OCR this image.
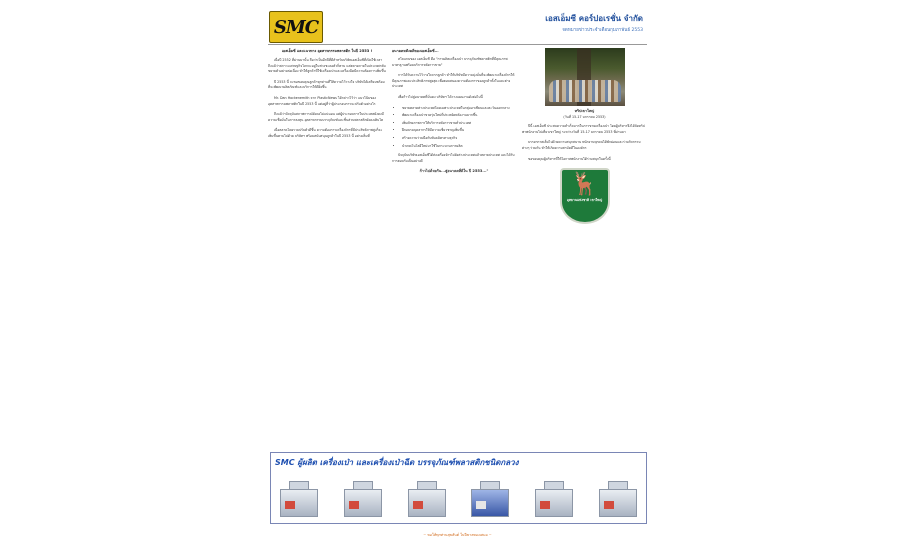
SMC	เอสเอ็มซี คอร์ปอเรชั่น จำกัด
จดหมายข่าวประจำเดือนกุมภาพันธ์ 2553
เอสเอ็มซี และแนวทาง อุตสาหกรรมพลาสติก ในปี 2553 !

เมื่อปี 2552 ที่ผ่านมานั้น ถือว่าเป็นอีกปีที่ดีสำหรับบริษัทเอสเอ็มซีที่เปิดใช้เวลา ถึงแม้ว่าสภาวะเศรษฐกิจโลกจะอยู่ในช่วงชะลอตัวก็ตาม แต่ตลาดภายในประเทศกลับขยายตัวอย่างต่อเนื่อง ทำให้ลูกค้าที่ใช้เครื่องเป่าและเครื่องฉีดมีความต้องการเพิ่มขึ้น

ปี 2553 นี้ จะขอขอบคุณลูกค้าทุกท่านที่ให้ความไว้วางใจ บริษัทได้เตรียมพร้อมที่จะพัฒนาผลิตภัณฑ์และบริการให้ดียิ่งขึ้น

Mr. Dan Hockenemith จาก PlasticNews ได้กล่าวไว้ว่า แนวโน้มของอุตสาหกรรมพลาสติกในปี 2553 นี้ แต่อยู่ที่ว่าผู้ประกอบการจะปรับตัวอย่างไร

ถึงแม้ว่าปัจจุบันสภาพการณ์ยังคงไม่แน่นอน แต่ผู้ประกอบการในประเทศยังคงมีความเชื่อมั่นในการลงทุน อุตสาหกรรมบรรจุภัณฑ์และชิ้นส่วนพลาสติกยังคงเติบโต

เมื่อตลาดโดยรวมปรับตัวดีขึ้น ความต้องการเครื่องจักรที่มีประสิทธิภาพสูงก็จะเพิ่มขึ้นตามไปด้วย บริษัทฯ พร้อมสนับสนุนลูกค้าในปี 2553 นี้ อย่างเต็มที่

อนาคตหลังคดีของเอสเอ็มซี...

สโลแกนของ เอสเอ็มซี คือ "การผลิตเครื่องเป่า บรรจุภัณฑ์พลาสติกที่มีคุณภาพมาตรฐานพร้อมบริการหลังการขาย"

การได้รับความไว้วางใจจากลูกค้า ทำให้บริษัทมีความมุ่งมั่นที่จะพัฒนาเครื่องจักรให้มีคุณภาพและประสิทธิภาพสูงสุด เพื่อตอบสนองความต้องการของลูกค้าทั้งในและต่างประเทศ

เพื่อก้าวไปสู่อนาคตที่มั่นคง บริษัทฯ ได้วางแผนงานดังต่อไปนี้

• ขยายตลาดต่างประเทศโดยเฉพาะประเทศในกลุ่มอาเซียนและตะวันออกกลาง
• พัฒนาเครื่องเป่าขวดรุ่นใหม่ที่ประหยัดพลังงานมากขึ้น
• เพิ่มศักยภาพการให้บริการหลังการขายทั่วประเทศ
• ฝึกอบรมบุคลากรให้มีความเชี่ยวชาญเพิ่มขึ้น
• สร้างความร่วมมือกับพันธมิตรทางธุรกิจ
• นำเทคโนโลยีใหม่มาใช้ในกระบวนการผลิต

ปัจจุบันบริษัทเอสเอ็มซีได้ส่งเครื่องจักรไปยังต่างประเทศแล้วหลายประเทศ และได้รับการตอบรับเป็นอย่างดี

ก้าวไปด้วยกัน...สู่อนาคตที่ดีใน ปี 2553..."
ทริปเขาใหญ่
(วันที่ 15-17 มกราคม 2553)

ปีนี้ เอสเอ็มซี ประสบความสำเร็จมากในการขายเครื่องเป่า โดยผู้บริหารจึงได้จัดทริปพาพนักงานไปเที่ยวเขาใหญ่ ระหว่างวันที่ 15-17 มกราคม 2553 ที่ผ่านมา

บรรยากาศเต็มไปด้วยความสนุกสนาน พนักงานทุกคนได้พักผ่อนและร่วมกิจกรรมต่างๆ ร่วมกัน ทำให้เกิดความสามัคคีในองค์กร

ขอขอบคุณผู้บริหารที่ให้โอกาสพนักงานได้ร่วมสนุกในครั้งนี้

🦌
อุทยานแห่งชาติ เขาใหญ่
SMC ผู้ผลิต เครื่องเป่า และเครื่องเป่าฉีด บรรจุภัณฑ์พลาสติกชนิดกลวง
~ ขอให้ทุกท่านสุขสันต์ ในปีขาลทองเสมอ ~
